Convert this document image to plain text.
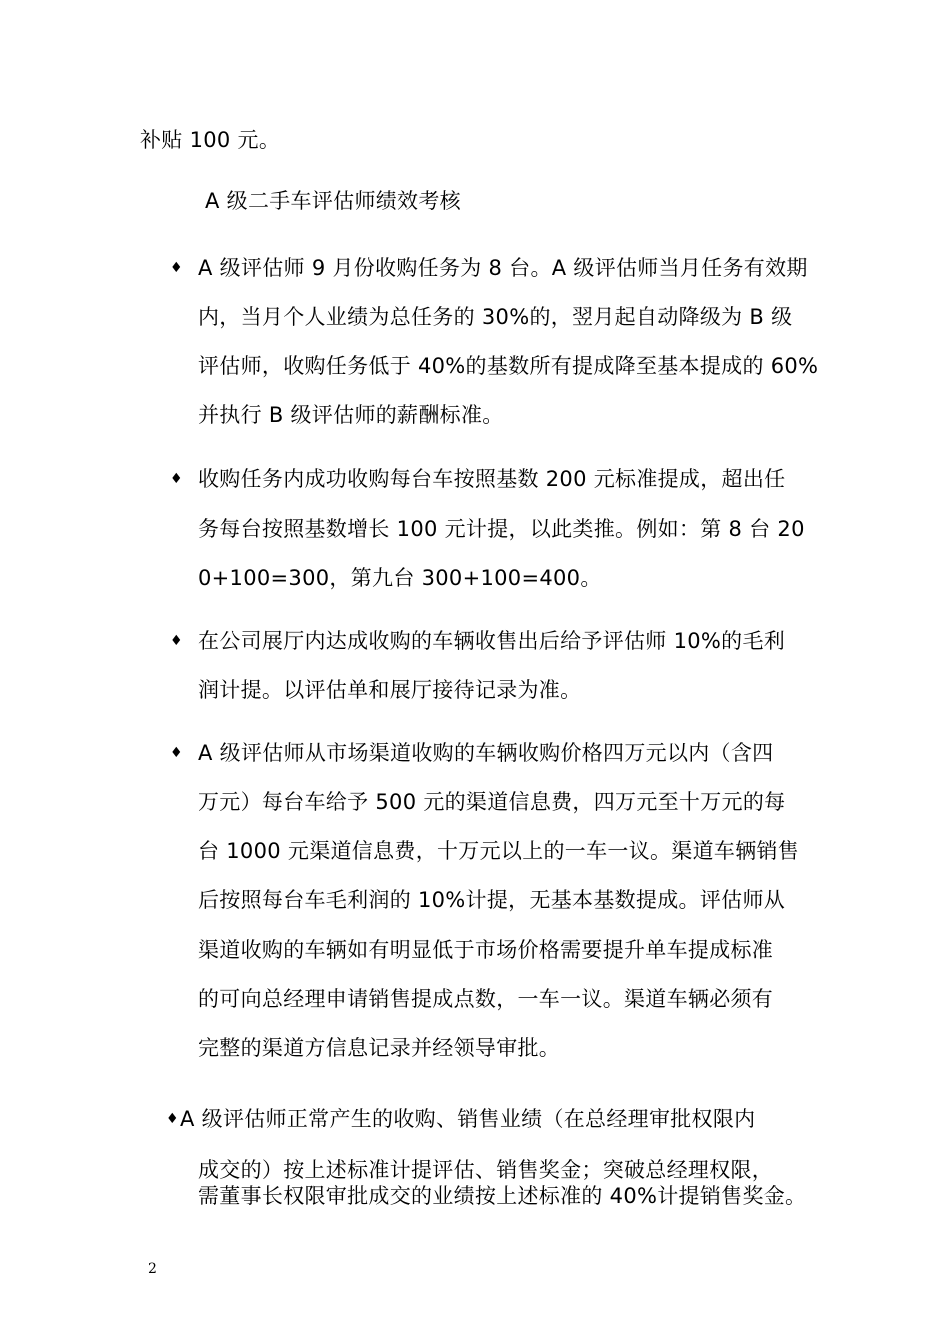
补贴 100 元。
A 级二手车评估师绩效考核
♦ A 级评估师 9 月份收购任务为 8 台。A 级评估师当月任务有效期
内，当月个人业绩为总任务的 30%的，翌月起自动降级为 B 级
评估师，收购任务低于 40%的基数所有提成降至基本提成的 60%
并执行 B 级评估师的薪酬标准。
♦ 收购任务内成功收购每台车按照基数 200 元标准提成，超出任
务每台按照基数增长 100 元计提，以此类推。例如：第 8 台 20
0+100=300，第九台 300+100=400。
♦ 在公司展厅内达成收购的车辆收售出后给予评估师 10%的毛利
润计提。以评估单和展厅接待记录为准。
♦ A 级评估师从市场渠道收购的车辆收购价格四万元以内（含四
万元）每台车给予 500 元的渠道信息费，四万元至十万元的每
台 1000 元渠道信息费，十万元以上的一车一议。渠道车辆销售
后按照每台车毛利润的 10%计提，无基本基数提成。评估师从
渠道收购的车辆如有明显低于市场价格需要提升单车提成标准
的可向总经理申请销售提成点数，一车一议。渠道车辆必须有
完整的渠道方信息记录并经领导审批。
♦ A 级评估师正常产生的收购、销售业绩（在总经理审批权限内
成交的）按上述标准计提评估、销售奖金；突破总经理权限，
需董事长权限审批成交的业绩按上述标准的 40%计提销售奖金。
2
